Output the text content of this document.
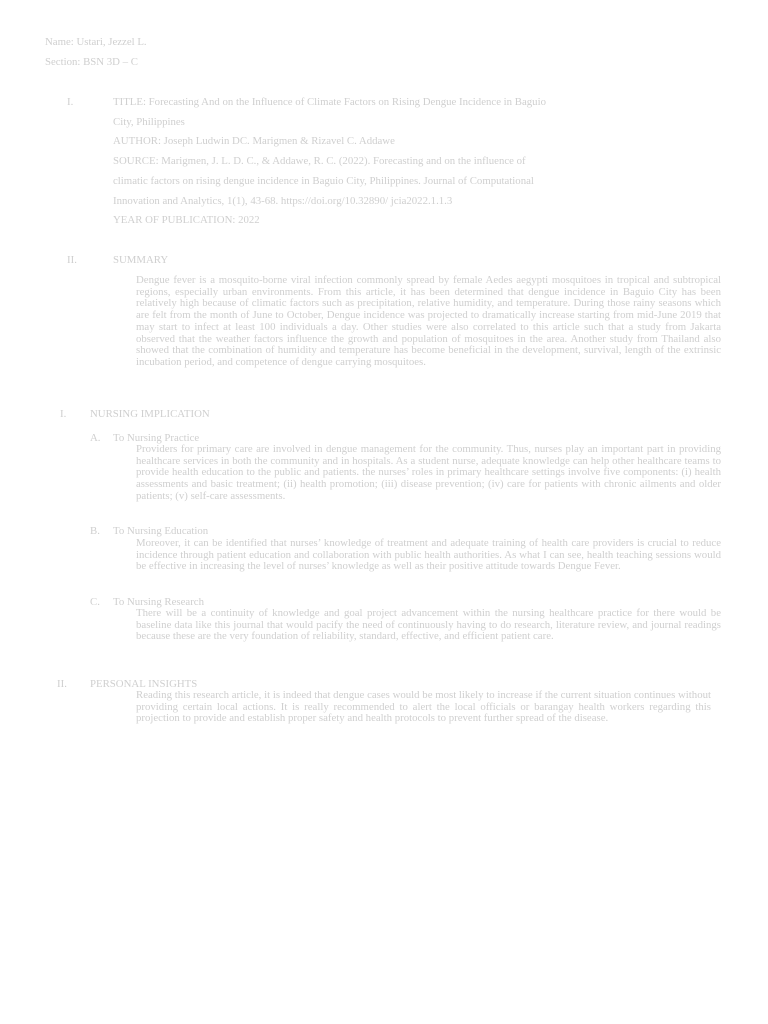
Name: Ustari, Jezzel L.
Section: BSN 3D – C
I.	TITLE: Forecasting And on the Influence of Climate Factors on Rising Dengue Incidence in Baguio
City, Philippines
AUTHOR: Joseph Ludwin DC. Marigmen & Rizavel C. Addawe
SOURCE: Marigmen, J. L. D. C., & Addawe, R. C. (2022). Forecasting and on the influence of
climatic factors on rising dengue incidence in Baguio City, Philippines. Journal of Computational
Innovation and Analytics, 1(1), 43-68. https://doi.org/10.32890/ jcia2022.1.1.3
YEAR OF PUBLICATION: 2022
II.	SUMMARY
Dengue fever is a mosquito-borne viral infection commonly spread by female Aedes aegypti mosquitoes in tropical and subtropical regions, especially urban environments. From this article, it has been determined that dengue incidence in Baguio City has been relatively high because of climatic factors such as precipitation, relative humidity, and temperature. During those rainy seasons which are felt from the month of June to October, Dengue incidence was projected to dramatically increase starting from mid-June 2019 that may start to infect at least 100 individuals a day. Other studies were also correlated to this article such that a study from Jakarta observed that the weather factors influence the growth and population of mosquitoes in the area. Another study from Thailand also showed that the combination of humidity and temperature has become beneficial in the development, survival, length of the extrinsic incubation period, and competence of dengue carrying mosquitoes.
I. NURSING IMPLICATION
A. To Nursing Practice
Providers for primary care are involved in dengue management for the community. Thus, nurses play an important part in providing healthcare services in both the community and in hospitals. As a student nurse, adequate knowledge can help other healthcare teams to provide health education to the public and patients. the nurses’ roles in primary healthcare settings involve five components: (i) health assessments and basic treatment; (ii) health promotion; (iii) disease prevention; (iv) care for patients with chronic ailments and older patients; (v) self-care assessments.
B. To Nursing Education
Moreover, it can be identified that nurses’ knowledge of treatment and adequate training of health care providers is crucial to reduce incidence through patient education and collaboration with public health authorities. As what I can see, health teaching sessions would be effective in increasing the level of nurses’ knowledge as well as their positive attitude towards Dengue Fever.
C. To Nursing Research
There will be a continuity of knowledge and goal project advancement within the nursing healthcare practice for there would be baseline data like this journal that would pacify the need of continuously having to do research, literature review, and journal readings because these are the very foundation of reliability, standard, effective, and efficient patient care.
II. PERSONAL INSIGHTS
Reading this research article, it is indeed that dengue cases would be most likely to increase if the current situation continues without providing certain local actions. It is really recommended to alert the local officials or barangay health workers regarding this projection to provide and establish proper safety and health protocols to prevent further spread of the disease.
